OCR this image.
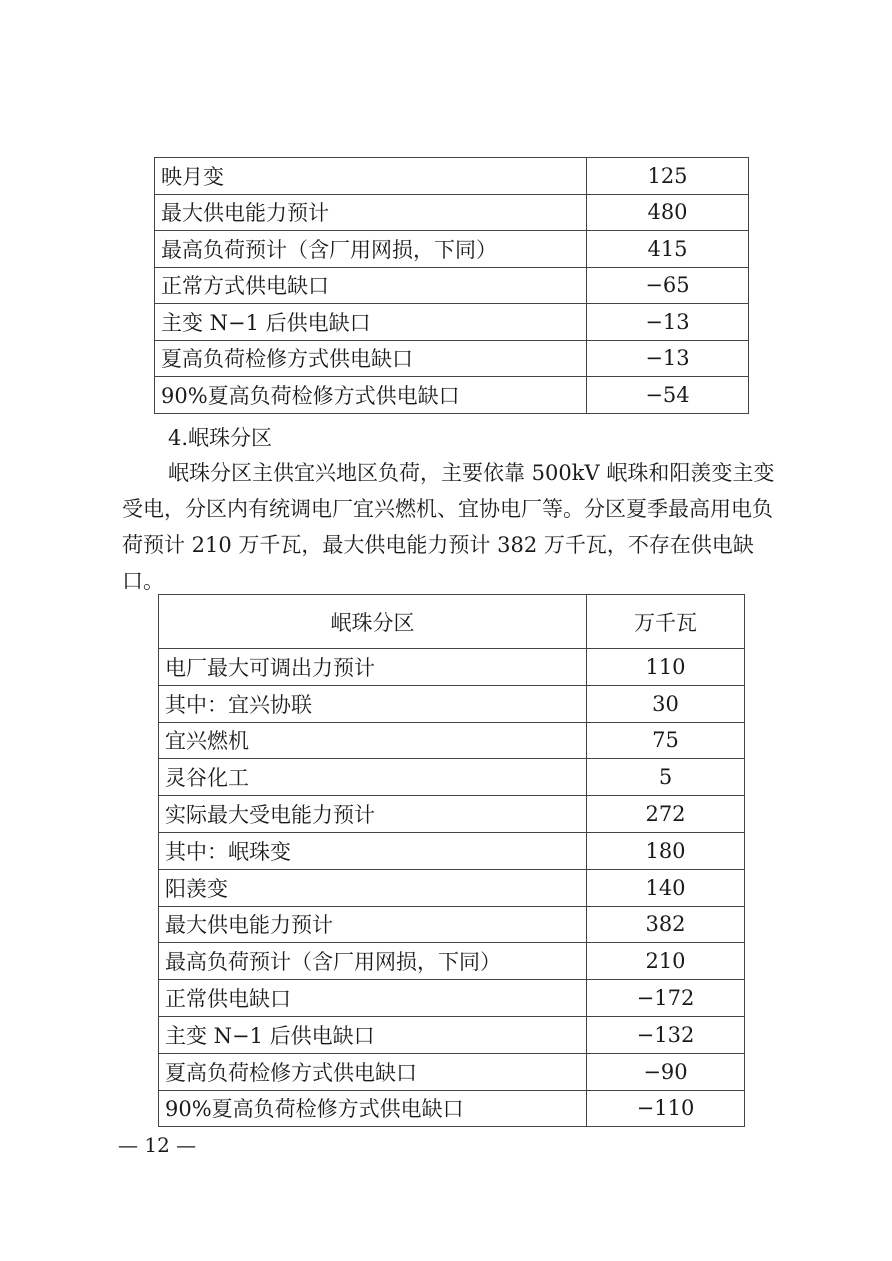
映月变	125
最大供电能力预计	480
最高负荷预计（含厂用网损，下同）	415
正常方式供电缺口	−65
主变 N−1 后供电缺口	−13
夏高负荷检修方式供电缺口	−13
90%夏高负荷检修方式供电缺口	−54
4.岷珠分区
岷珠分区主供宜兴地区负荷，主要依靠 500kV 岷珠和阳羡变主变受电，分区内有统调电厂宜兴燃机、宜协电厂等。分区夏季最高用电负荷预计 210 万千瓦，最大供电能力预计 382 万千瓦，不存在供电缺口。
岷珠分区	万千瓦
电厂最大可调出力预计	110
其中：宜兴协联	30
宜兴燃机	75
灵谷化工	5
实际最大受电能力预计	272
其中：岷珠变	180
阳羡变	140
最大供电能力预计	382
最高负荷预计（含厂用网损，下同）	210
正常供电缺口	−172
主变 N−1 后供电缺口	−132
夏高负荷检修方式供电缺口	−90
90%夏高负荷检修方式供电缺口	−110
— 12 —
